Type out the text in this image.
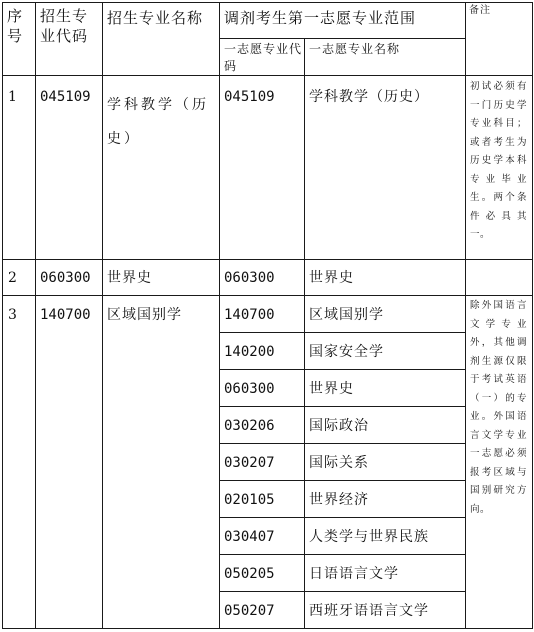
序号
招生专业代码
招生专业名称 调剂考生第一志愿专业范围	备注
一志愿专业代码
一志愿专业名称
1 045109 学科教学（历史）
045109 学科教学（历史）
初试必须有一门历史学专业科目；或者考生为历史学本科专业毕业生。两个条件必具其一。
2 060300 世界史	060300 世界史
3 140700 区域国别学
除外国语言文学专业外，其他调剂生源仅限于考试英语（一）的专业。外国语言文学专业一志愿必须报考区域与国别研究方向。
140700 区域国别学
140200 国家安全学
060300 世界史
030206 国际政治
030207 国际关系
020105 世界经济
030407 人类学与世界民族
050205 日语语言文学
050207 西班牙语语言文学
